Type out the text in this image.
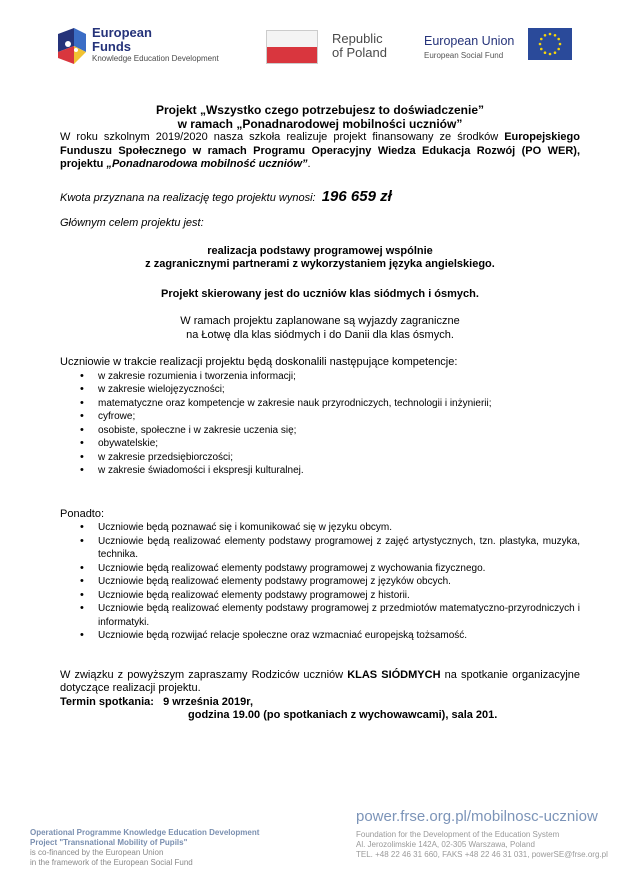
European
Funds
Knowledge Education Development
Republic
of Poland
European Union
European Social Fund

Projekt „Wszystko czego potrzebujesz to doświadczenie”

w ramach „Ponadnarodowej mobilności uczniów”

W roku szkolnym 2019/2020 nasza szkoła realizuje projekt finansowany ze środków Europejskiego Funduszu Społecznego w ramach Programu Operacyjny Wiedza Edukacja Rozwój (PO WER), projektu „Ponadnarodowa mobilność uczniów”.

Kwota przyznana na realizację tego projektu wynosi: 196 659 zł

Głównym celem projektu jest:

realizacja podstawy programowej wspólnie

z zagranicznymi partnerami z wykorzystaniem języka angielskiego.

Projekt skierowany jest do uczniów klas siódmych i ósmych.

W ramach projektu zaplanowane są wyjazdy zagraniczne

na Łotwę dla klas siódmych i do Danii dla klas ósmych.

Uczniowie w trakcie realizacji projektu będą doskonalili następujące kompetencje:

• w zakresie rozumienia i tworzenia informacji;
• w zakresie wielojęzyczności;
• matematyczne oraz kompetencje w zakresie nauk przyrodniczych, technologii i inżynierii;
• cyfrowe;
• osobiste, społeczne i w zakresie uczenia się;
• obywatelskie;
• w zakresie przedsiębiorczości;
• w zakresie świadomości i ekspresji kulturalnej.

Ponadto:

• Uczniowie będą poznawać się i komunikować się w języku obcym.
• Uczniowie będą realizować elementy podstawy programowej z zajęć artystycznych, tzn. plastyka, muzyka, technika.
• Uczniowie będą realizować elementy podstawy programowej z wychowania fizycznego.
• Uczniowie będą realizować elementy podstawy programowej z języków obcych.
• Uczniowie będą realizować elementy podstawy programowej z historii.
• Uczniowie będą realizować elementy podstawy programowej z przedmiotów matematyczno-przyrodniczych i informatyki.
• Uczniowie będą rozwijać relacje społeczne oraz wzmacniać europejską tożsamość.

W związku z powyższym zapraszamy Rodziców uczniów KLAS SIÓDMYCH na spotkanie organizacyjne dotyczące realizacji projektu.

Termin spotkania: 9 września 2019r,

godzina 19.00 (po spotkaniach z wychowawcami), sala 201.

Operational Programme Knowledge Education Development
Project "Transnational Mobility of Pupils"
is co-financed by the European Union
in the framework of the European Social Fund
power.frse.org.pl/mobilnosc-uczniow
Foundation for the Development of the Education System
Al. Jerozolimskie 142A, 02-305 Warszawa, Poland
TEL. +48 22 46 31 660, FAKS +48 22 46 31 031, powerSE@frse.org.pl
